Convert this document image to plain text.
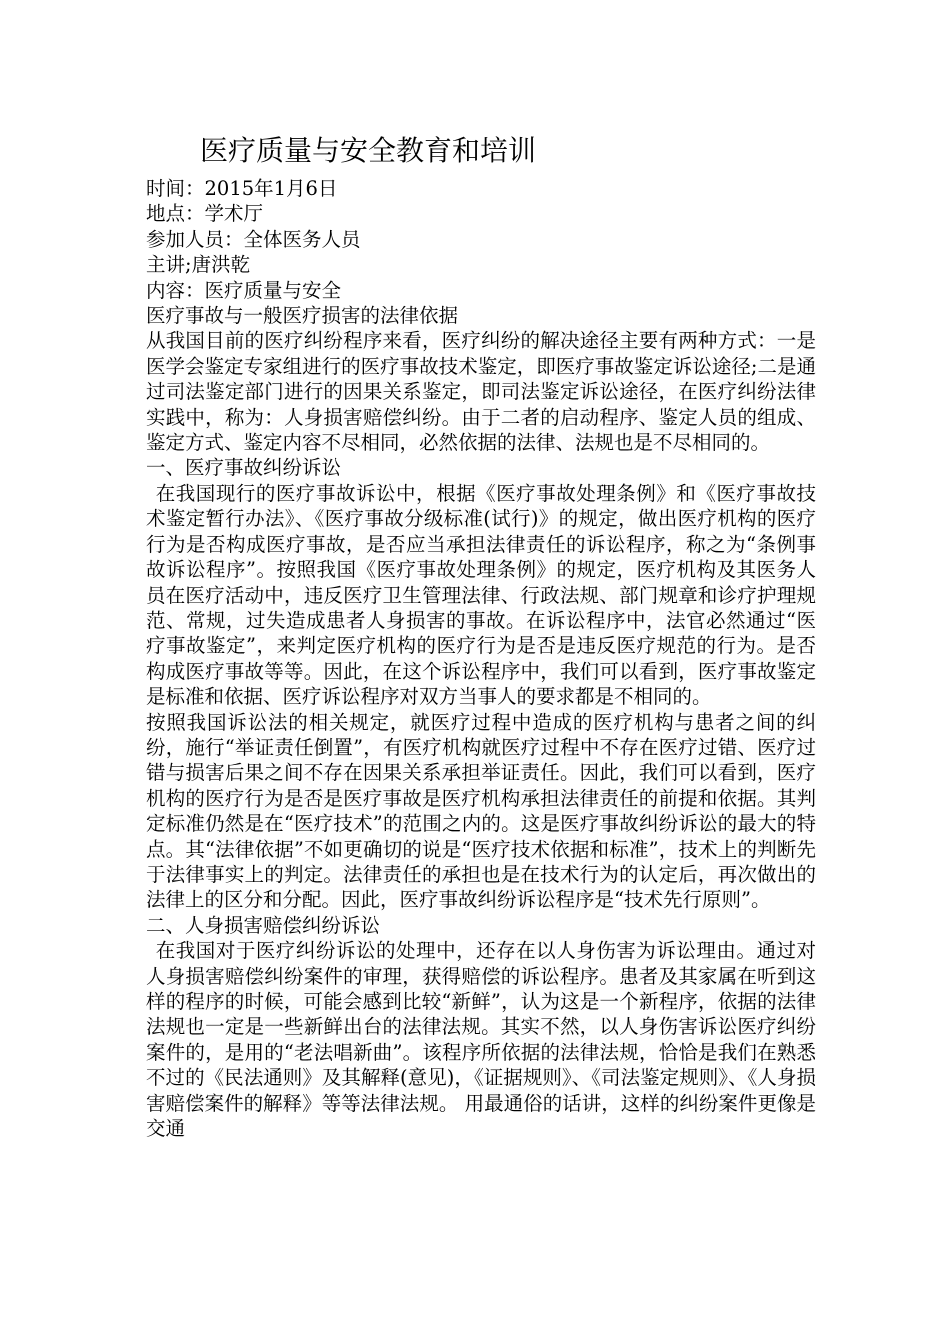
医疗质量与安全教育和培训
时间：2015年1月6日
地点：学术厅
参加人员：全体医务人员
主讲;唐洪乾
内容：医疗质量与安全
医疗事故与一般医疗损害的法律依据
从我国目前的医疗纠纷程序来看，医疗纠纷的解决途径主要有两种方式：一是医学会鉴定专家组进行的医疗事故技术鉴定，即医疗事故鉴定诉讼途径;二是通过司法鉴定部门进行的因果关系鉴定，即司法鉴定诉讼途径，在医疗纠纷法律实践中，称为：人身损害赔偿纠纷。由于二者的启动程序、鉴定人员的组成、鉴定方式、鉴定内容不尽相同，必然依据的法律、法规也是不尽相同的。
一、医疗事故纠纷诉讼
在我国现行的医疗事故诉讼中，根据《医疗事故处理条例》和《医疗事故技术鉴定暂行办法》、《医疗事故分级标准(试行)》的规定，做出医疗机构的医疗行为是否构成医疗事故，是否应当承担法律责任的诉讼程序，称之为“条例事故诉讼程序”。按照我国《医疗事故处理条例》的规定，医疗机构及其医务人员在医疗活动中，违反医疗卫生管理法律、行政法规、部门规章和诊疗护理规范、常规，过失造成患者人身损害的事故。在诉讼程序中，法官必然通过“医疗事故鉴定”，来判定医疗机构的医疗行为是否是违反医疗规范的行为。是否构成医疗事故等等。因此，在这个诉讼程序中，我们可以看到，医疗事故鉴定是标准和依据、医疗诉讼程序对双方当事人的要求都是不相同的。
按照我国诉讼法的相关规定，就医疗过程中造成的医疗机构与患者之间的纠纷，施行“举证责任倒置”，有医疗机构就医疗过程中不存在医疗过错、医疗过错与损害后果之间不存在因果关系承担举证责任。因此，我们可以看到，医疗机构的医疗行为是否是医疗事故是医疗机构承担法律责任的前提和依据。其判定标准仍然是在“医疗技术”的范围之内的。这是医疗事故纠纷诉讼的最大的特点。其“法律依据”不如更确切的说是“医疗技术依据和标准”，技术上的判断先于法律事实上的判定。法律责任的承担也是在技术行为的认定后，再次做出的法律上的区分和分配。因此，医疗事故纠纷诉讼程序是“技术先行原则”。
二、人身损害赔偿纠纷诉讼
在我国对于医疗纠纷诉讼的处理中，还存在以人身伤害为诉讼理由。通过对人身损害赔偿纠纷案件的审理，获得赔偿的诉讼程序。患者及其家属在听到这样的程序的时候，可能会感到比较“新鲜”，认为这是一个新程序，依据的法律法规也一定是一些新鲜出台的法律法规。其实不然，以人身伤害诉讼医疗纠纷案件的，是用的“老法唱新曲”。该程序所依据的法律法规，恰恰是我们在熟悉不过的《民法通则》及其解释(意见)，《证据规则》、《司法鉴定规则》、《人身损害赔偿案件的解释》等等法律法规。 用最通俗的话讲，这样的纠纷案件更像是交通
